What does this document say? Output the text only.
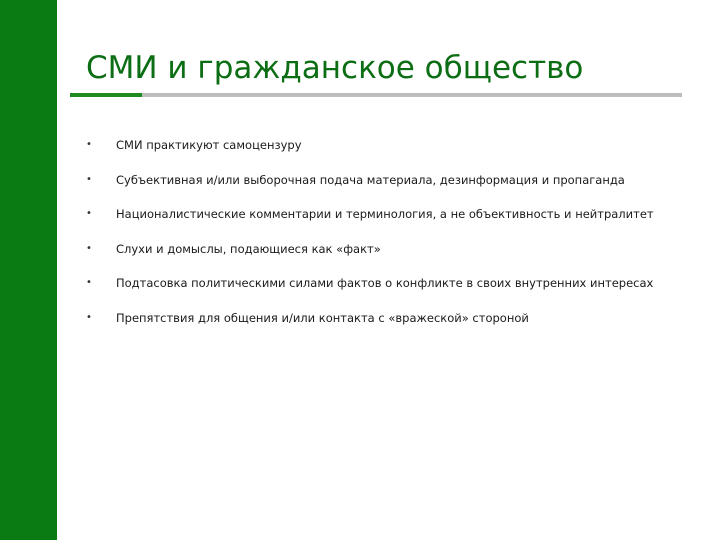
СМИ и гражданское общество
•	СМИ практикуют самоцензуру
•	Субъективная и/или выборочная подача материала, дезинформация и пропаганда
•	Националистические комментарии и терминология, а не объективность и нейтралитет
•	Слухи и домыслы, подающиеся как «факт»
•	Подтасовка политическими силами фактов о конфликте в своих внутренних интересах
•	Препятствия для общения и/или контакта с «вражеской» стороной
